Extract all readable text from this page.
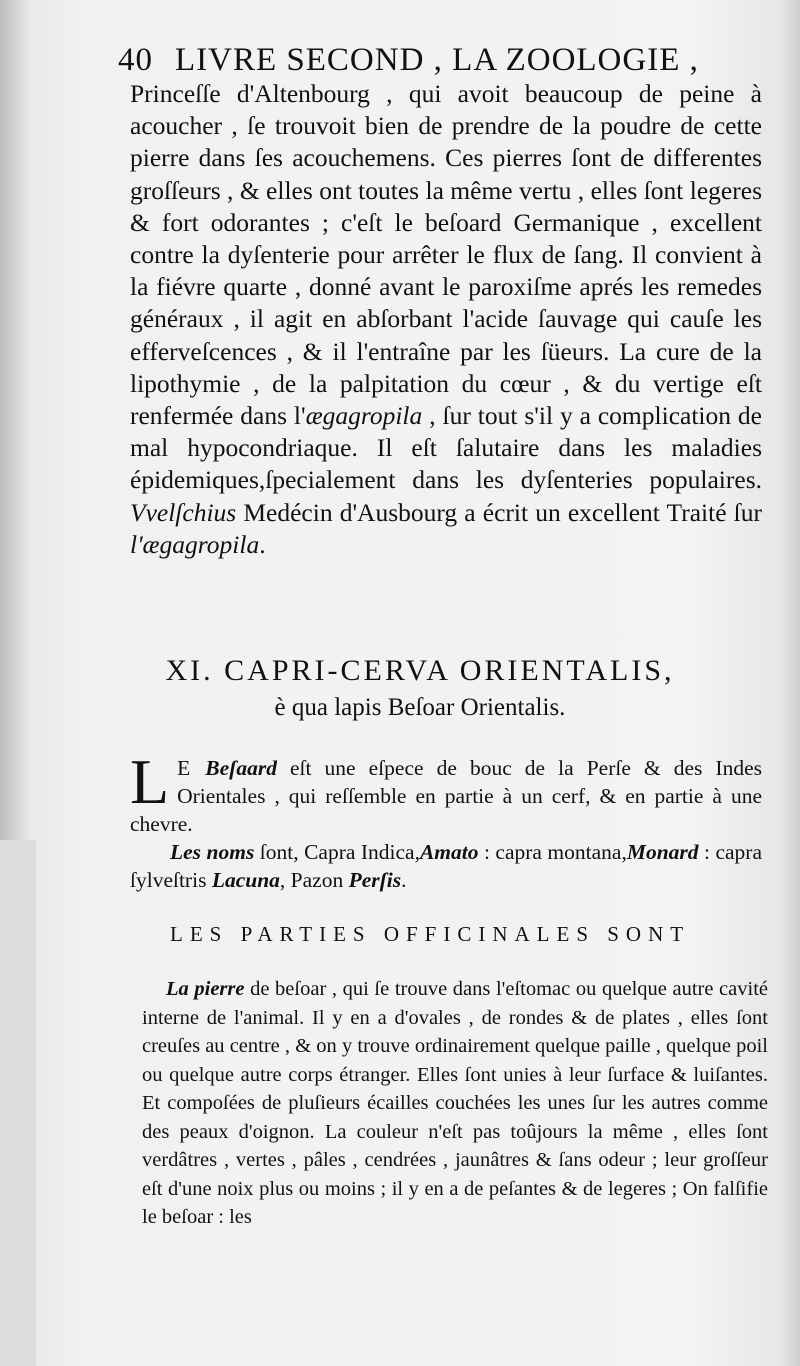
40 LIVRE SECOND , LA ZOOLOGIE ,

Princeſſe d'Altenbourg , qui avoit beaucoup de peine à acoucher , ſe trouvoit bien de prendre de la poudre de cette pierre dans ſes acouchemens. Ces pierres ſont de differentes groſſeurs , & elles ont toutes la même vertu , elles ſont legeres & fort odorantes ; c'eſt le beſoard Germanique , excellent contre la dyſenterie pour arrêter le flux de ſang. Il convient à la fiévre quarte , donné avant le paroxiſme aprés les remedes généraux , il agit en abſorbant l'acide ſauvage qui cauſe les efferveſcences , & il l'entraîne par les ſüeurs. La cure de la lipothymie , de la palpitation du cœur , & du vertige eſt renfermée dans l'ægagropila , ſur tout s'il y a complication de mal hypocondriaque. Il eſt ſalutaire dans les maladies épidemiques,ſpecialement dans les dyſenteries populaires. Vvelſchius Medécin d'Ausbourg a écrit un excellent Traité ſur l'ægagropila.

XI. CAPRI-CERVA ORIENTALIS,
è qua lapis Beſoar Orientalis.

L E Beſaard eſt une eſpece de bouc de la Perſe & des Indes Orientales , qui reſſemble en partie à un cerf, & en partie à une chevre.

Les noms ſont, Capra Indica,Amato : capra montana,Monard : capra ſylveſtris Lacuna, Pazon Perſis.

LES PARTIES OFFICINALES SONT

La pierre de beſoar , qui ſe trouve dans l'eſtomac ou quelque autre cavité interne de l'animal. Il y en a d'ovales , de rondes & de plates , elles ſont creuſes au centre , & on y trouve ordinairement quelque paille , quelque poil ou quelque autre corps étranger. Elles ſont unies à leur ſurface & luiſantes. Et compoſées de pluſieurs écailles couchées les unes ſur les autres comme des peaux d'oignon. La couleur n'eſt pas toûjours la même , elles ſont verdâtres , vertes , pâles , cendrées , jaunâtres & ſans odeur ; leur groſſeur eſt d'une noix plus ou moins ; il y en a de peſantes & de legeres ; On falſifie le beſoar : les
